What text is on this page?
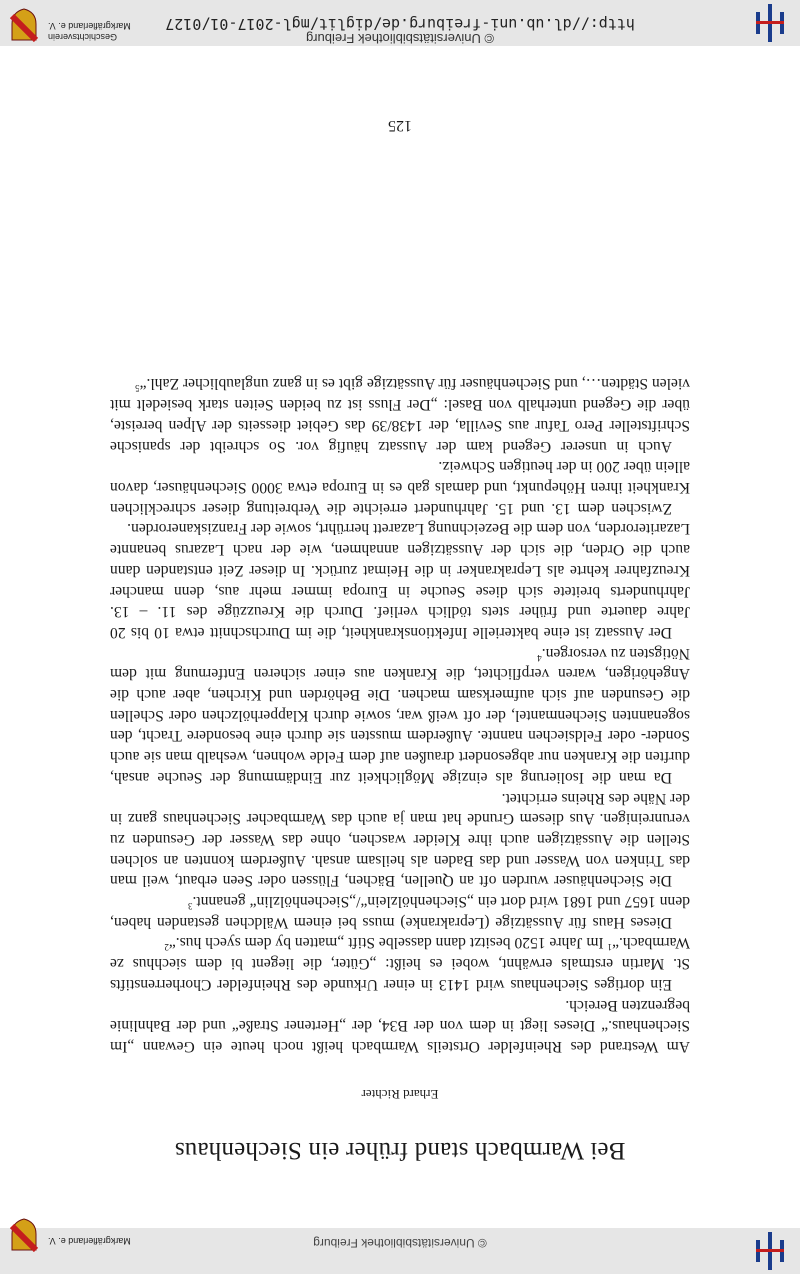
© Universitätsbibliothek Freiburg
http://dl.ub.uni-freiburg.de/diglit/mgl-2017-01/0127
Geschichtsverein
Markgräflerland e. V.
© Universitätsbibliothek Freiburg
Markgräflerland e. V.
Bei Warmbach stand früher ein Siechenhaus
Erhard Richter

Am Westrand des Rheinfelder Ortsteils Warmbach heißt noch heute ein Gewann „Im Siechenhaus.“ Dieses liegt in dem von der B34, der „Hertener Straße“ und der Bahnlinie begrenzten Bereich.

Ein dortiges Siechenhaus wird 1413 in einer Urkunde des Rheinfelder Chorherrenstifts St. Martin erstmals erwähnt, wobei es heißt: „Güter, die liegent bi dem siechhus ze Warmbach.“$^1$ Im Jahre 1520 besitzt dann dasselbe Stift „matten by dem syech hus.“$^2$

Dieses Haus für Aussätzige (Leprakranke) muss bei einem Wäldchen gestanden haben, denn 1657 und 1681 wird dort ein „Siechenhölzlein“/„Siechenhölzlin“ genannt.$^3$

Die Siechenhäuser wurden oft an Quellen, Bächen, Flüssen oder Seen erbaut, weil man das Trinken von Wasser und das Baden als heilsam ansah. Außerdem konnten an solchen Stellen die Aussätzigen auch ihre Kleider waschen, ohne das Wasser der Gesunden zu verunreinigen. Aus diesem Grunde hat man ja auch das Warmbacher Siechenhaus ganz in der Nähe des Rheins errichtet.

Da man die Isolierung als einzige Möglichkeit zur Eindämmung der Seuche ansah, durften die Kranken nur abgesondert draußen auf dem Felde wohnen, weshalb man sie auch Sonder- oder Feldsiechen nannte. Außerdem mussten sie durch eine besondere Tracht, den sogenannten Siechenmantel, der oft weiß war, sowie durch Klapperhölzchen oder Schellen die Gesunden auf sich aufmerksam machen. Die Behörden und Kirchen, aber auch die Angehörigen, waren verpflichtet, die Kranken aus einer sicheren Entfernung mit dem Nötigsten zu versorgen.$^4$

Der Aussatz ist eine bakterielle Infektionskrankheit, die im Durchschnitt etwa 10 bis 20 Jahre dauerte und früher stets tödlich verlief. Durch die Kreuzzüge des 11. – 13. Jahrhunderts breitete sich diese Seuche in Europa immer mehr aus, denn mancher Kreuzfahrer kehrte als Leprakranker in die Heimat zurück. In dieser Zeit entstanden dann auch die Orden, die sich der Aussätzigen annahmen, wie der nach Lazarus benannte Lazariterorden, von dem die Bezeichnung Lazarett herrührt, sowie der Franziskanerorden.

Zwischen dem 13. und 15. Jahrhundert erreichte die Verbreitung dieser schrecklichen Krankheit ihren Höhepunkt, und damals gab es in Europa etwa 3000 Siechenhäuser, davon allein über 200 in der heutigen Schweiz.

Auch in unserer Gegend kam der Aussatz häufig vor. So schreibt der spanische Schriftsteller Pero Tafur aus Sevilla, der 1438/39 das Gebiet diesseits der Alpen bereiste, über die Gegend unterhalb von Basel: „Der Fluss ist zu beiden Seiten stark besiedelt mit vielen Städten…, und Siechenhäuser für Aussätzige gibt es in ganz unglaublicher Zahl.“$^5$

125
